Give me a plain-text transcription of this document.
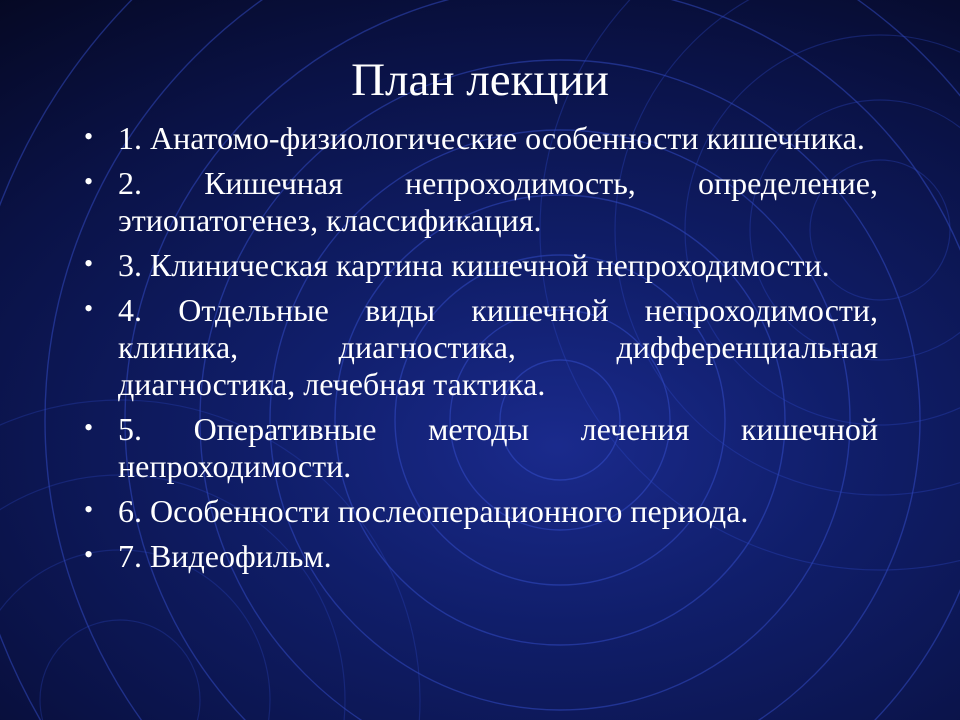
План лекции
• 1. Анатомо-физиологические особенности кишечника.
• 2. Кишечная непроходимость, определение, этиопатогенез, классификация.
• 3. Клиническая картина кишечной непроходимости.
• 4. Отдельные виды кишечной непроходимости, клиника, диагностика, дифференциальная диагностика, лечебная тактика.
• 5. Оперативные методы лечения кишечной непроходимости.
• 6. Особенности послеоперационного периода.
• 7. Видеофильм.
